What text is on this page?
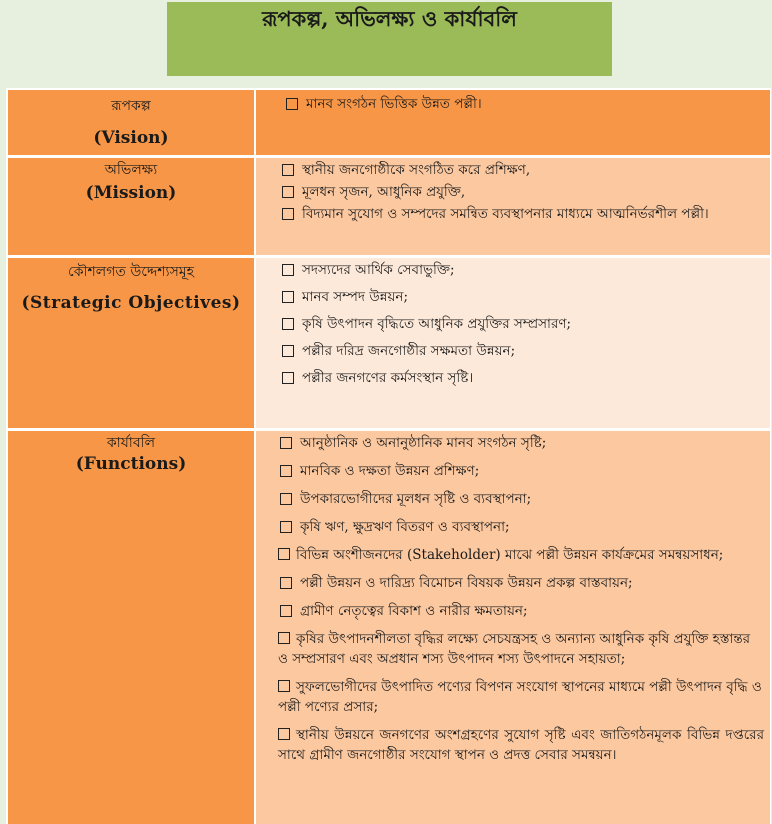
রূপকল্প, অভিলক্ষ্য ও কার্যাবলি
রূপকল্প
(Vision)
মানব সংগঠন ভিত্তিক উন্নত পল্লী।
অভিলক্ষ্য
(Mission)
স্থানীয় জনগোষ্ঠীকে সংগঠিত করে প্রশিক্ষণ,
মূলধন সৃজন, আধুনিক প্রযুক্তি,
বিদ্যমান সুযোগ ও সম্পদের সমন্বিত ব্যবস্থাপনার মাধ্যমে আত্মনির্ভরশীল পল্লী।
কৌশলগত উদ্দেশ্যসমূহ
(Strategic Objectives)
সদস্যদের আর্থিক সেবাভুক্তি;
মানব সম্পদ উন্নয়ন;
কৃষি উৎপাদন বৃদ্ধিতে আধুনিক প্রযুক্তির সম্প্রসারণ;
পল্লীর দরিদ্র জনগোষ্ঠীর সক্ষমতা উন্নয়ন;
পল্লীর জনগণের কর্মসংস্থান সৃষ্টি।
কার্যাবলি
(Functions)
আনুষ্ঠানিক ও অনানুষ্ঠানিক মানব সংগঠন সৃষ্টি;
মানবিক ও দক্ষতা উন্নয়ন প্রশিক্ষণ;
উপকারভোগীদের মূলধন সৃষ্টি ও ব্যবস্থাপনা;
কৃষি ঋণ, ক্ষুদ্রঋণ বিতরণ ও ব্যবস্থাপনা;
বিভিন্ন অংশীজনদের (Stakeholder) মাঝে পল্লী উন্নয়ন কার্যক্রমের সমন্বয়সাধন;
পল্লী উন্নয়ন ও দারিদ্র্য বিমোচন বিষয়ক উন্নয়ন প্রকল্প বাস্তবায়ন;
গ্রামীণ নেতৃত্বের বিকাশ ও নারীর ক্ষমতায়ন;
কৃষির উৎপাদনশীলতা বৃদ্ধির লক্ষ্যে সেচযন্ত্রসহ ও অন্যান্য আধুনিক কৃষি প্রযুক্তি হস্তান্তর ও সম্প্রসারণ এবং অপ্রধান শস্য উৎপাদন শস্য উৎপাদনে সহায়তা;
সুফলভোগীদের উৎপাদিত পণ্যের বিপণন সংযোগ স্থাপনের মাধ্যমে পল্লী উৎপাদন বৃদ্ধি ও পল্লী পণ্যের প্রসার;
স্থানীয় উন্নয়নে জনগণের অংশগ্রহণের সুযোগ সৃষ্টি এবং জাতিগঠনমূলক বিভিন্ন দপ্তরের সাথে গ্রামীণ জনগোষ্ঠীর সংযোগ স্থাপন ও প্রদত্ত সেবার সমন্বয়ন।
